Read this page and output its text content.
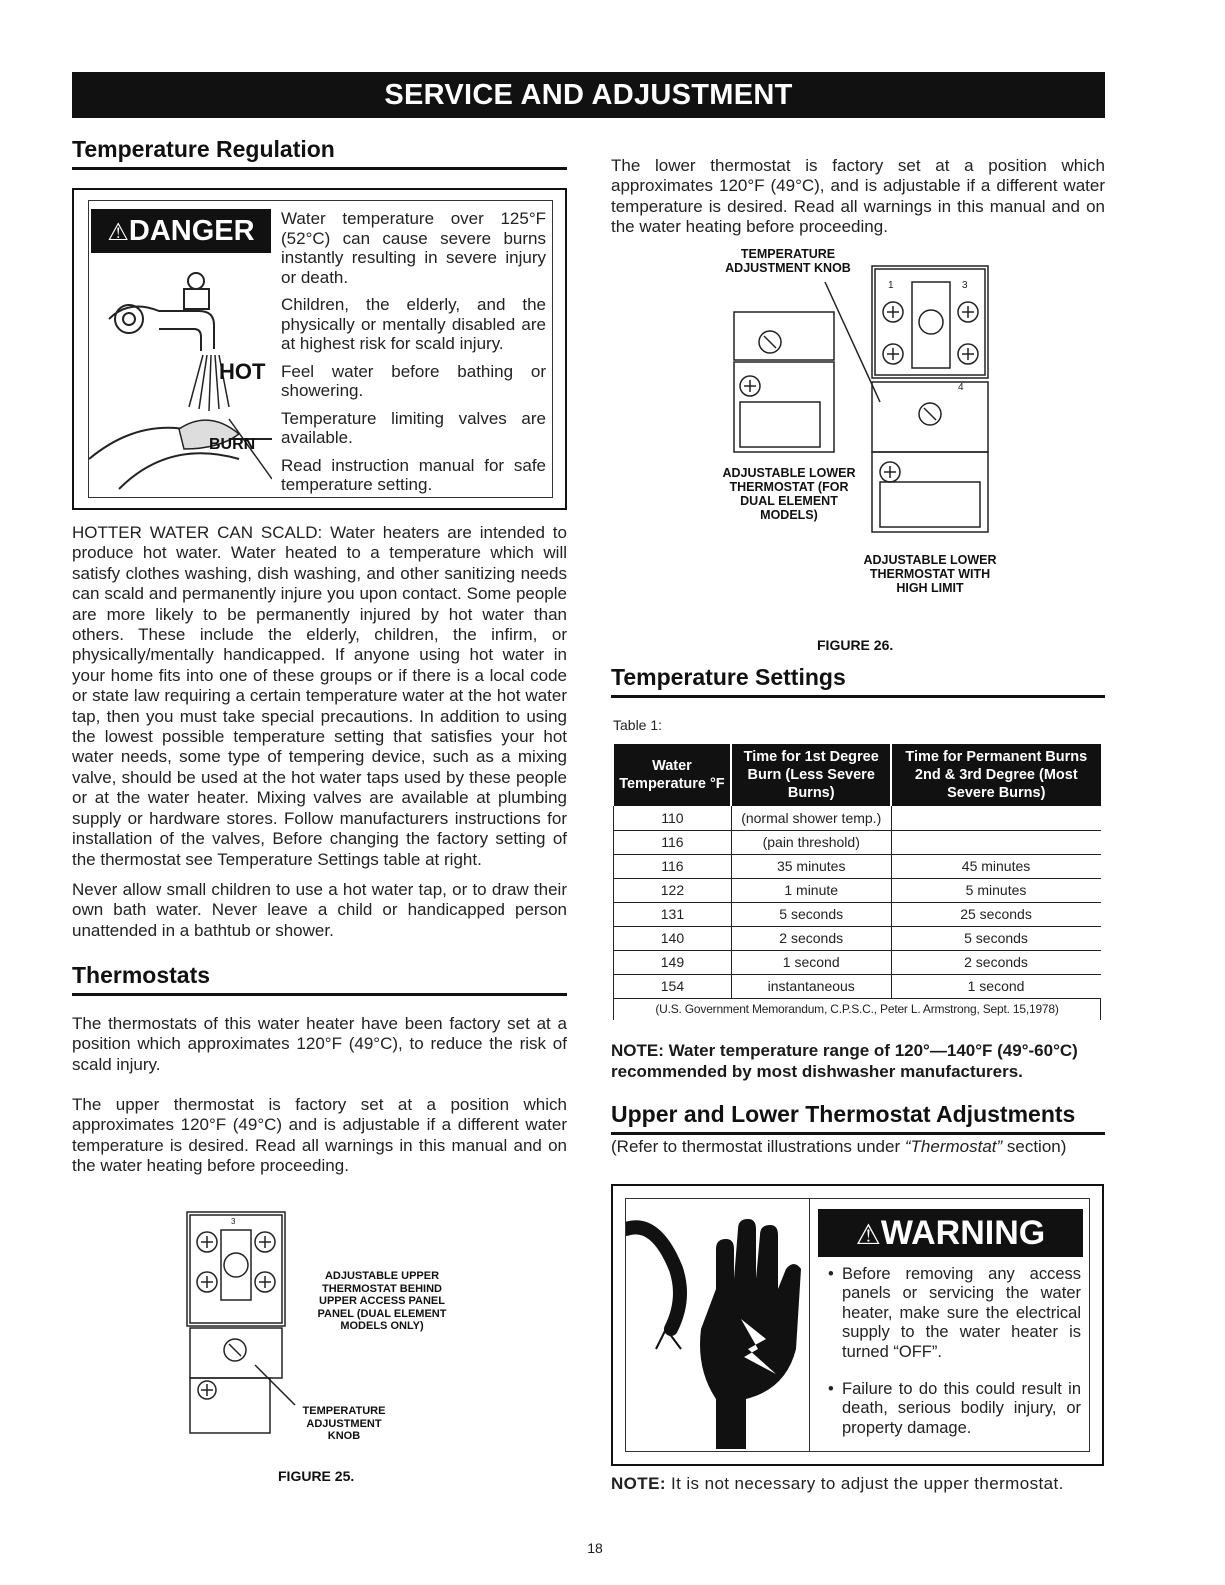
SERVICE AND ADJUSTMENT
Temperature Regulation
⚠DANGER
HOT
BURN
Water temperature over 125°F (52°C) can cause severe burns instantly resulting in severe injury or death.
Children, the elderly, and the physically or mentally disabled are at highest risk for scald injury.
Feel water before bathing or showering.
Temperature limiting valves are available.
Read instruction manual for safe temperature setting.

HOTTER WATER CAN SCALD: Water heaters are intended to produce hot water. Water heated to a temperature which will satisfy clothes washing, dish washing, and other sanitizing needs can scald and permanently injure you upon contact. Some people are more likely to be permanently injured by hot water than others. These include the elderly, children, the infirm, or physically/mentally handicapped. If anyone using hot water in your home fits into one of these groups or if there is a local code or state law requiring a certain temperature water at the hot water tap, then you must take special precautions. In addition to using the lowest possible temperature setting that satisfies your hot water needs, some type of tempering device, such as a mixing valve, should be used at the hot water taps used by these people or at the water heater. Mixing valves are available at plumbing supply or hardware stores. Follow manufacturers instructions for installation of the valves, Before changing the factory setting of the thermostat see Temperature Settings table at right.

Never allow small children to use a hot water tap, or to draw their own bath water. Never leave a child or handicapped person unattended in a bathtub or shower.

Thermostats

The thermostats of this water heater have been factory set at a position which approximates 120°F (49°C), to reduce the risk of scald injury.

The upper thermostat is factory set at a position which approximates 120°F (49°C) and is adjustable if a different water temperature is desired. Read all warnings in this manual and on the water heating before proceeding.

3
ADJUSTABLE UPPER THERMOSTAT BEHIND UPPER ACCESS PANEL PANEL (DUAL ELEMENT MODELS ONLY)
TEMPERATURE ADJUSTMENT KNOB
FIGURE 25.

The lower thermostat is factory set at a position which approximates 120°F (49°C), and is adjustable if a different water temperature is desired. Read all warnings in this manual and on the water heating before proceeding.

TEMPERATURE ADJUSTMENT KNOB
1	3
4
ADJUSTABLE LOWER THERMOSTAT (FOR DUAL ELEMENT MODELS)
ADJUSTABLE LOWER THERMOSTAT WITH HIGH LIMIT
FIGURE 26.
Temperature Settings
Table 1:
Water Temperature °F	Time for 1st Degree Burn (Less Severe Burns)	Time for Permanent Burns 2nd & 3rd Degree (Most Severe Burns)
110	(normal shower temp.)	
116	(pain threshold)	
116	35 minutes	45 minutes
122	1 minute	5 minutes
131	5 seconds	25 seconds
140	2 seconds	5 seconds
149	1 second	2 seconds
154	instantaneous	1 second
(U.S. Government Memorandum, C.P.S.C., Peter L. Armstrong, Sept. 15,1978)		
NOTE: Water temperature range of 120°—140°F (49°-60°C) recommended by most dishwasher manufacturers.
Upper and Lower Thermostat Adjustments
(Refer to thermostat illustrations under “Thermostat” section)
⚠WARNING
• Before removing any access panels or servicing the water heater, make sure the electrical supply to the water heater is turned “OFF”.
• Failure to do this could result in death, serious bodily injury, or property damage.
NOTE: It is not necessary to adjust the upper thermostat.
18
